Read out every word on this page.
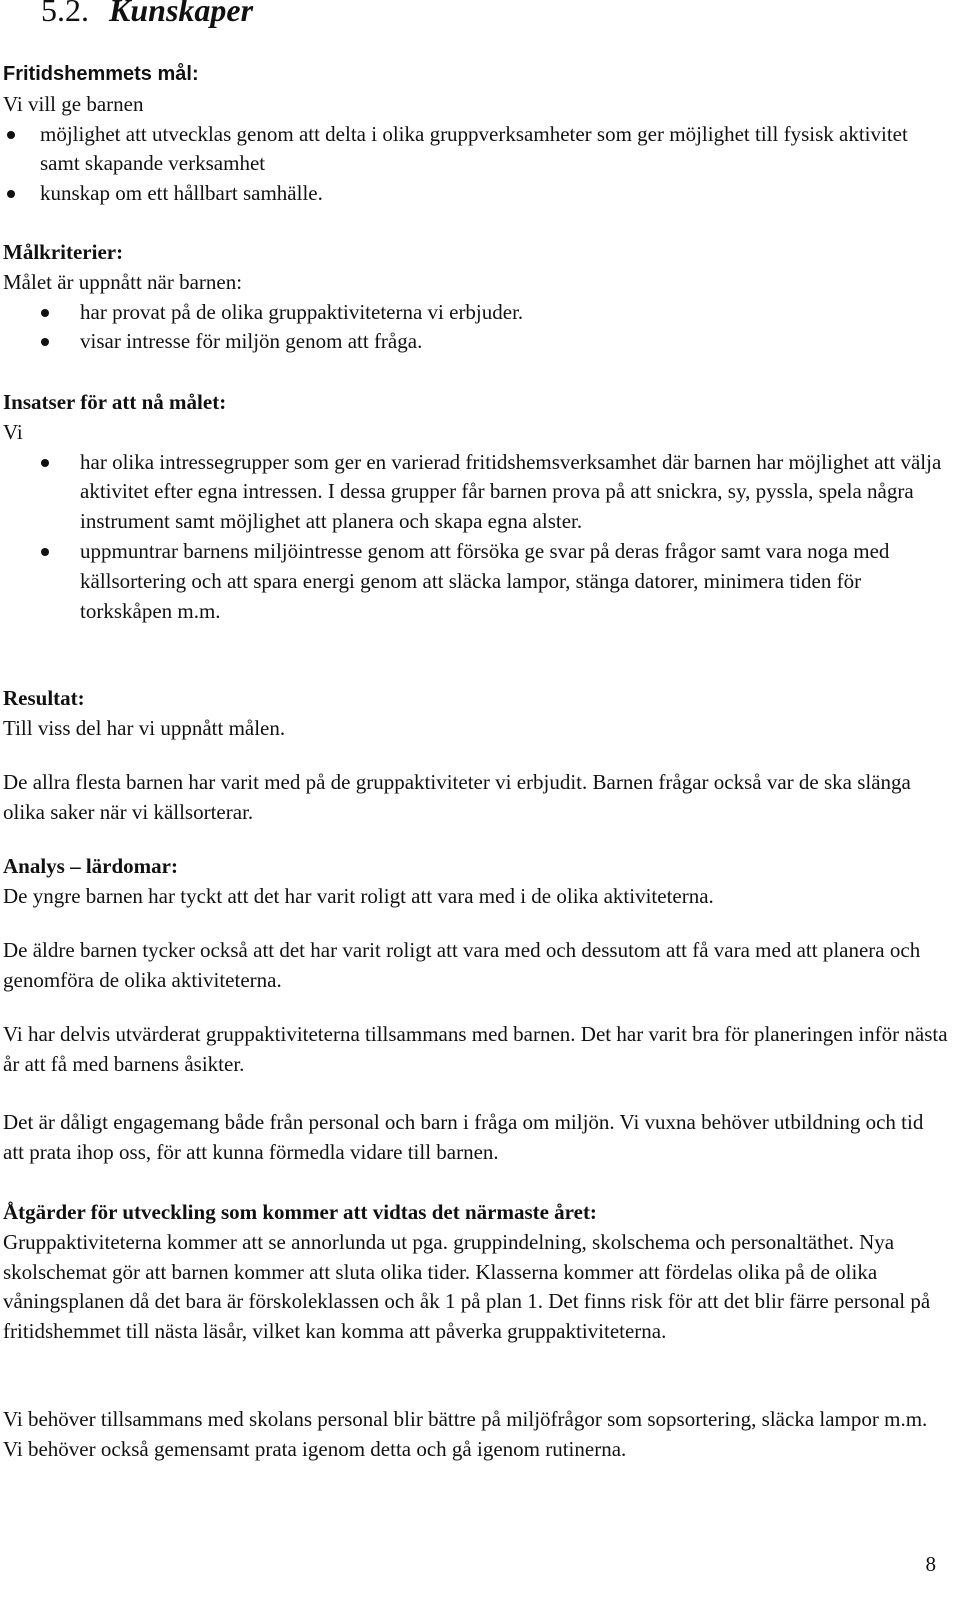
5.2. Kunskaper
Fritidshemmets mål:
Vi vill ge barnen
möjlighet att utvecklas genom att delta i olika gruppverksamheter som ger möjlighet till fysisk aktivitet samt skapande verksamhet
kunskap om ett hållbart samhälle.
Målkriterier:
Målet är uppnått när barnen:
har provat på de olika gruppaktiviteterna vi erbjuder.
visar intresse för miljön genom att fråga.
Insatser för att nå målet:
Vi
har olika intressegrupper som ger en varierad fritidshemsverksamhet där barnen har möjlighet att välja aktivitet efter egna intressen. I dessa grupper får barnen prova på att snickra, sy, pyssla, spela några instrument samt möjlighet att planera och skapa egna alster.
uppmuntrar barnens miljöintresse genom att försöka ge svar på deras frågor samt vara noga med källsortering och att spara energi genom att släcka lampor, stänga datorer, minimera tiden för torkskåpen m.m.
Resultat:
Till viss del har vi uppnått målen.
De allra flesta barnen har varit med på de gruppaktiviteter vi erbjudit. Barnen frågar också var de ska slänga olika saker när vi källsorterar.
Analys – lärdomar:
De yngre barnen har tyckt att det har varit roligt att vara med i de olika aktiviteterna.
De äldre barnen tycker också att det har varit roligt att vara med och dessutom att få vara med att planera och genomföra de olika aktiviteterna.
Vi har delvis utvärderat gruppaktiviteterna tillsammans med barnen. Det har varit bra för planeringen inför nästa år att få med barnens åsikter.
Det är dåligt engagemang både från personal och barn i fråga om miljön. Vi vuxna behöver utbildning och tid att prata ihop oss, för att kunna förmedla vidare till barnen.
Åtgärder för utveckling som kommer att vidtas det närmaste året:
Gruppaktiviteterna kommer att se annorlunda ut pga. gruppindelning, skolschema och personaltäthet. Nya skolschemat gör att barnen kommer att sluta olika tider. Klasserna kommer att fördelas olika på de olika våningsplanen då det bara är förskoleklassen och åk 1 på plan 1. Det finns risk för att det blir färre personal på fritidshemmet till nästa läsår, vilket kan komma att påverka gruppaktiviteterna.
Vi behöver tillsammans med skolans personal blir bättre på miljöfrågor som sopsortering, släcka lampor m.m. Vi behöver också gemensamt prata igenom detta och gå igenom rutinerna.
8
